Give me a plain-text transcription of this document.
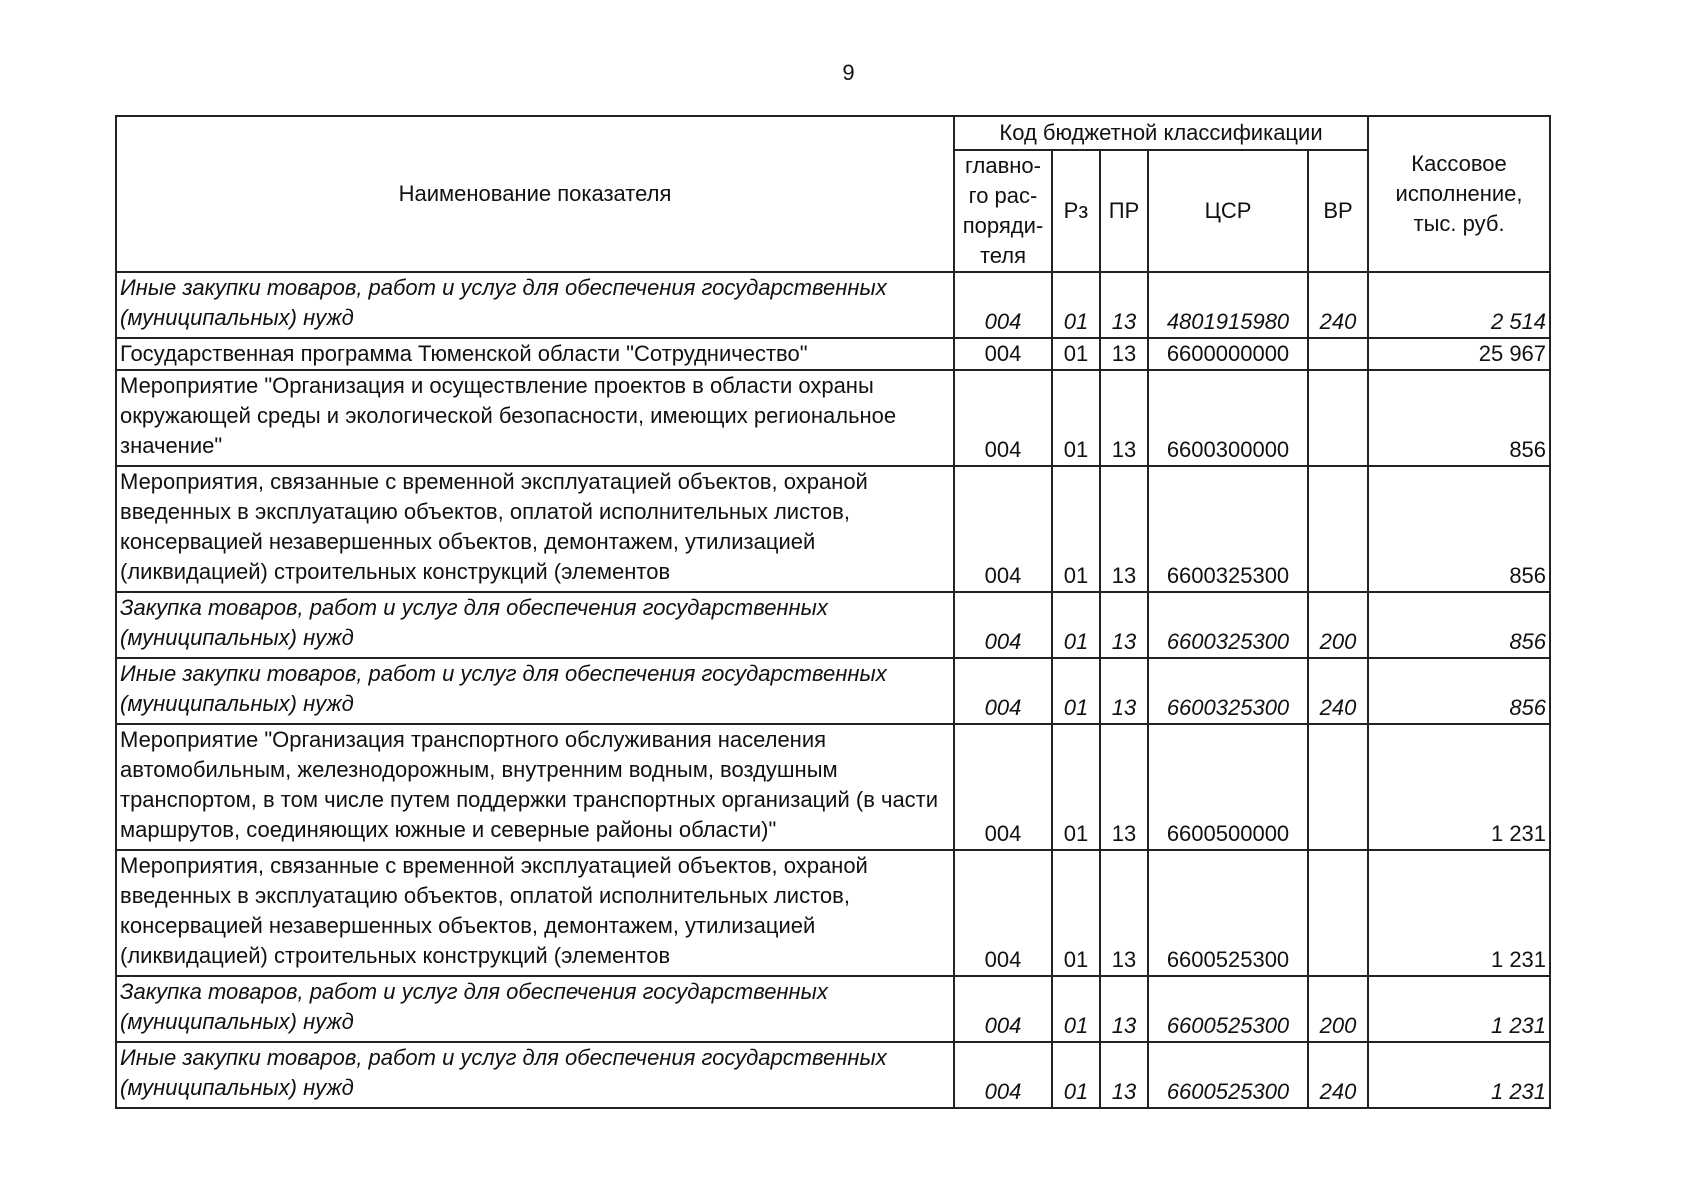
9
Наименование показателя	Код бюджетной классификации					Кассовое исполнение, тыс. руб.

	главно-
го рас-
поряди-
теля	Рз	ПР	ЦСР	ВР	
Иные закупки товаров, работ и услуг для обеспечения государственных (муниципальных) нужд	004	01	13	4801915980	240	2 514
Государственная программа Тюменской области "Сотрудничество"	004	01	13	6600000000		25 967
Мероприятие "Организация и осуществление проектов в области охраны окружающей среды и экологической безопасности, имеющих региональное значение"	004	01	13	6600300000		856
Мероприятия, связанные с временной эксплуатацией объектов, охраной введенных в эксплуатацию объектов, оплатой исполнительных листов, консервацией незавершенных объектов, демонтажем, утилизацией (ликвидацией) строительных конструкций (элементов	004	01	13	6600325300		856
Закупка товаров, работ и услуг для обеспечения государственных (муниципальных) нужд	004	01	13	6600325300	200	856
Иные закупки товаров, работ и услуг для обеспечения государственных (муниципальных) нужд	004	01	13	6600325300	240	856
Мероприятие "Организация транспортного обслуживания населения автомобильным, железнодорожным, внутренним водным, воздушным транспортом, в том числе путем поддержки транспортных организаций (в части маршрутов, соединяющих южные и северные районы области)"	004	01	13	6600500000		1 231
Мероприятия, связанные с временной эксплуатацией объектов, охраной введенных в эксплуатацию объектов, оплатой исполнительных листов, консервацией незавершенных объектов, демонтажем, утилизацией (ликвидацией) строительных конструкций (элементов	004	01	13	6600525300		1 231
Закупка товаров, работ и услуг для обеспечения государственных (муниципальных) нужд	004	01	13	6600525300	200	1 231
Иные закупки товаров, работ и услуг для обеспечения государственных (муниципальных) нужд	004	01	13	6600525300	240	1 231
